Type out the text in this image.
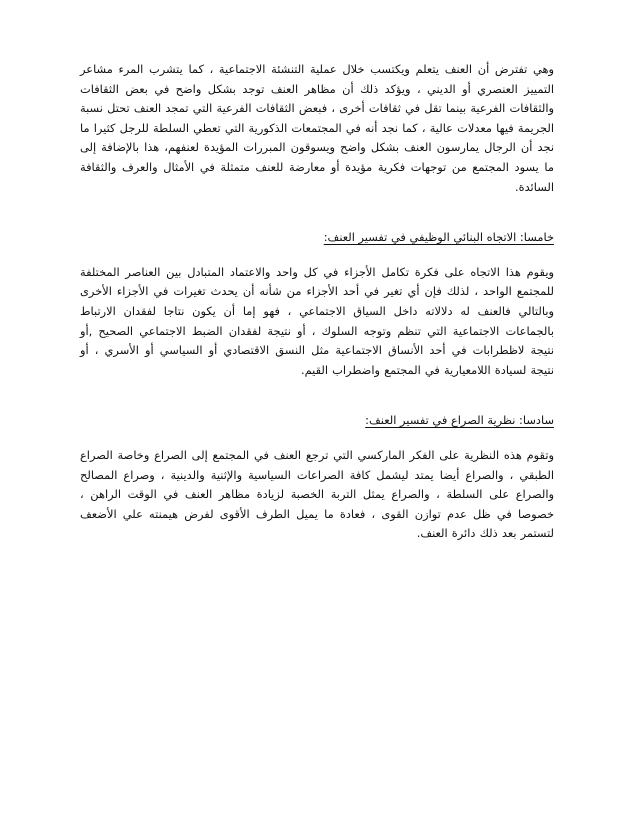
وهي تفترض أن العنف يتعلم ويكتسب خلال عملية التنشئة الاجتماعية ، كما يتشرب المرء مشاعر التمييز العنصري أو الديني ، ويؤكد ذلك أن مظاهر العنف توجد بشكل واضح في بعض الثقافات والثقافات الفرعية بينما تقل في ثقافات أخرى ، فبعض الثقافات الفرعية التي تمجد العنف تحتل نسبة الجريمة فيها معدلات عالية ، كما نجد أنه في المجتمعات الذكورية التي تعطي السلطة للرجل كثيرا ما نجد أن الرجال يمارسون العنف بشكل واضح ويسوقون المبررات المؤيدة لعنفهم، هذا بالإضافة إلى ما يسود المجتمع من توجهات فكرية مؤيدة أو معارضة للعنف متمثلة في الأمثال والعرف والثقافة السائدة.

خامسا: الاتجاه البنائي الوظيفي في تفسير العنف:

ويقوم هذا الاتجاه على فكرة تكامل الأجزاء في كل واحد والاعتماد المتبادل بين العناصر المختلفة للمجتمع الواحد ، لذلك فإن أي تغير في أحد الأجزاء من شأنه أن يحدث تغيرات في الأجزاء الأخرى وبالتالي فالعنف له دلالاته داخل السياق الاجتماعي ، فهو إما أن يكون نتاجا لفقدان الارتباط بالجماعات الاجتماعية التي تنظم وتوجه السلوك ، أو نتيجة لفقدان الضبط الاجتماعي الصحيح ,أو نتيجة لاظطرابات في أحد الأنساق الاجتماعية مثل النسق الاقتصادي أو السياسي أو الأسري ، أو نتيجة لسيادة اللامعيارية في المجتمع واضطراب القيم.

سادسا: نظرية الصراع في تفسير العنف:

وتقوم هذه النظرية على الفكر الماركسي التي ترجع العنف في المجتمع إلى الصراع وخاصة الصراع الطبقي ، والصراع أيضا يمتد ليشمل كافة الصراعات السياسية والإثنية والدينية ، وصراع المصالح والصراع على السلطة ، والصراع يمثل التربة الخصبة لزيادة مظاهر العنف في الوقت الراهن ، خصوصا في ظل عدم توازن القوى ، فعادة ما يميل الطرف الأقوى لفرض هيمنته علي الأضعف لتستمر بعد ذلك دائرة العنف.
